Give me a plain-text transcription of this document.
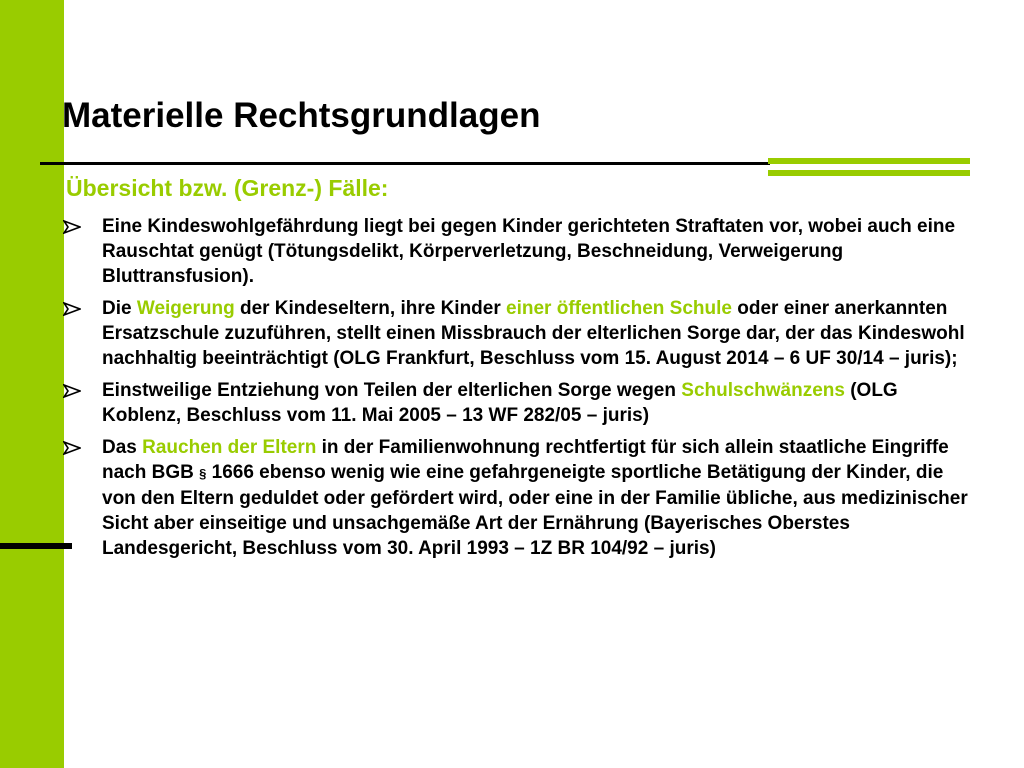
Materielle Rechtsgrundlagen
Übersicht bzw. (Grenz-) Fälle:
Eine Kindeswohlgefährdung liegt bei gegen Kinder gerichteten Straftaten vor, wobei auch eine Rauschtat genügt (Tötungsdelikt, Körperverletzung, Beschneidung, Verweigerung Bluttransfusion).
Die Weigerung der Kindeseltern, ihre Kinder einer öffentlichen Schule oder einer anerkannten Ersatzschule zuzuführen, stellt einen Missbrauch der elterlichen Sorge dar, der das Kindeswohl nachhaltig beeinträchtigt (OLG Frankfurt, Beschluss vom 15. August 2014 – 6 UF 30/14 – juris);
Einstweilige Entziehung von Teilen der elterlichen Sorge wegen Schulschwänzens (OLG Koblenz, Beschluss vom 11. Mai 2005 – 13 WF 282/05 – juris)
Das Rauchen der Eltern in der Familienwohnung rechtfertigt für sich allein staatliche Eingriffe nach BGB § 1666 ebenso wenig wie eine gefahrgeneigte sportliche Betätigung der Kinder, die von den Eltern geduldet oder gefördert wird, oder eine in der Familie übliche, aus medizinischer Sicht aber einseitige und unsachgemäße Art der Ernährung (Bayerisches Oberstes Landesgericht, Beschluss vom 30. April 1993 – 1Z BR 104/92 – juris)
